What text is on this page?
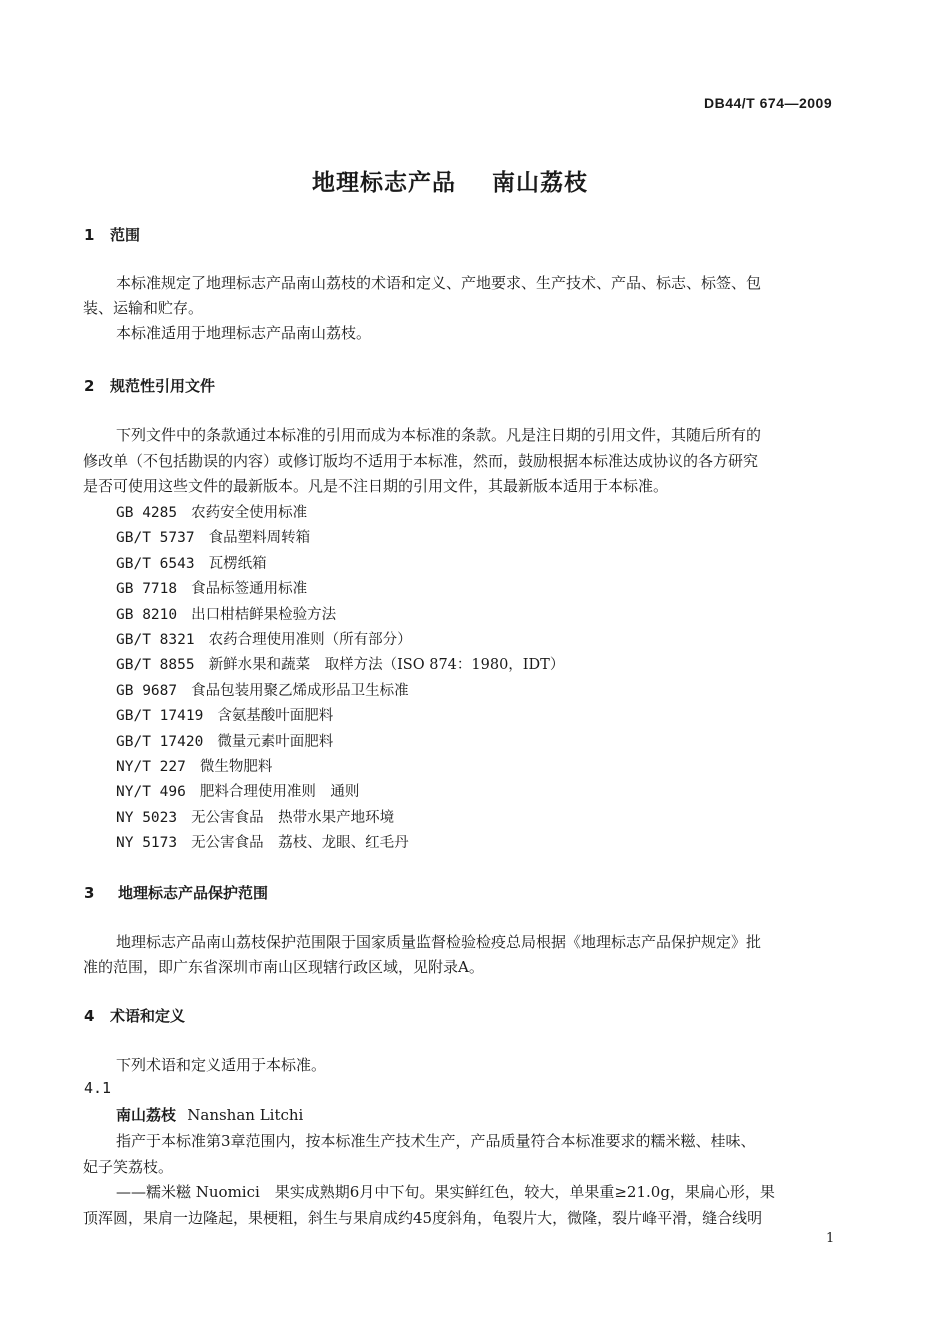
DB44/T 674—2009
地理标志产品    南山荔枝
1 范围
本标准规定了地理标志产品南山荔枝的术语和定义、产地要求、生产技术、产品、标志、标签、包
装、运输和贮存。
本标准适用于地理标志产品南山荔枝。
2 规范性引用文件
下列文件中的条款通过本标准的引用而成为本标准的条款。凡是注日期的引用文件，其随后所有的
修改单（不包括勘误的内容）或修订版均不适用于本标准，然而，鼓励根据本标准达成协议的各方研究
是否可使用这些文件的最新版本。凡是不注日期的引用文件，其最新版本适用于本标准。
GB 4285 农药安全使用标准
GB/T 5737 食品塑料周转箱
GB/T 6543 瓦楞纸箱
GB 7718 食品标签通用标准
GB 8210 出口柑桔鲜果检验方法
GB/T 8321 农药合理使用准则（所有部分）
GB/T 8855 新鲜水果和蔬菜　取样方法（ISO 874：1980，IDT）
GB 9687 食品包装用聚乙烯成形品卫生标准
GB/T 17419 含氨基酸叶面肥料
GB/T 17420 微量元素叶面肥料
NY/T 227 微生物肥料
NY/T 496 肥料合理使用准则　通则
NY 5023 无公害食品　热带水果产地环境
NY 5173 无公害食品　荔枝、龙眼、红毛丹
3 地理标志产品保护范围
地理标志产品南山荔枝保护范围限于国家质量监督检验检疫总局根据《地理标志产品保护规定》批
准的范围，即广东省深圳市南山区现辖行政区域，见附录A。
4 术语和定义
下列术语和定义适用于本标准。
4.1
南山荔枝 Nanshan Litchi
指产于本标准第3章范围内，按本标准生产技术生产，产品质量符合本标准要求的糯米糍、桂味、
妃子笑荔枝。
——糯米糍 Nuomici　果实成熟期6月中下旬。果实鲜红色，较大，单果重≥21.0g，果扁心形，果
顶浑圆，果肩一边隆起，果梗粗，斜生与果肩成约45度斜角，龟裂片大，微隆，裂片峰平滑，缝合线明
1
